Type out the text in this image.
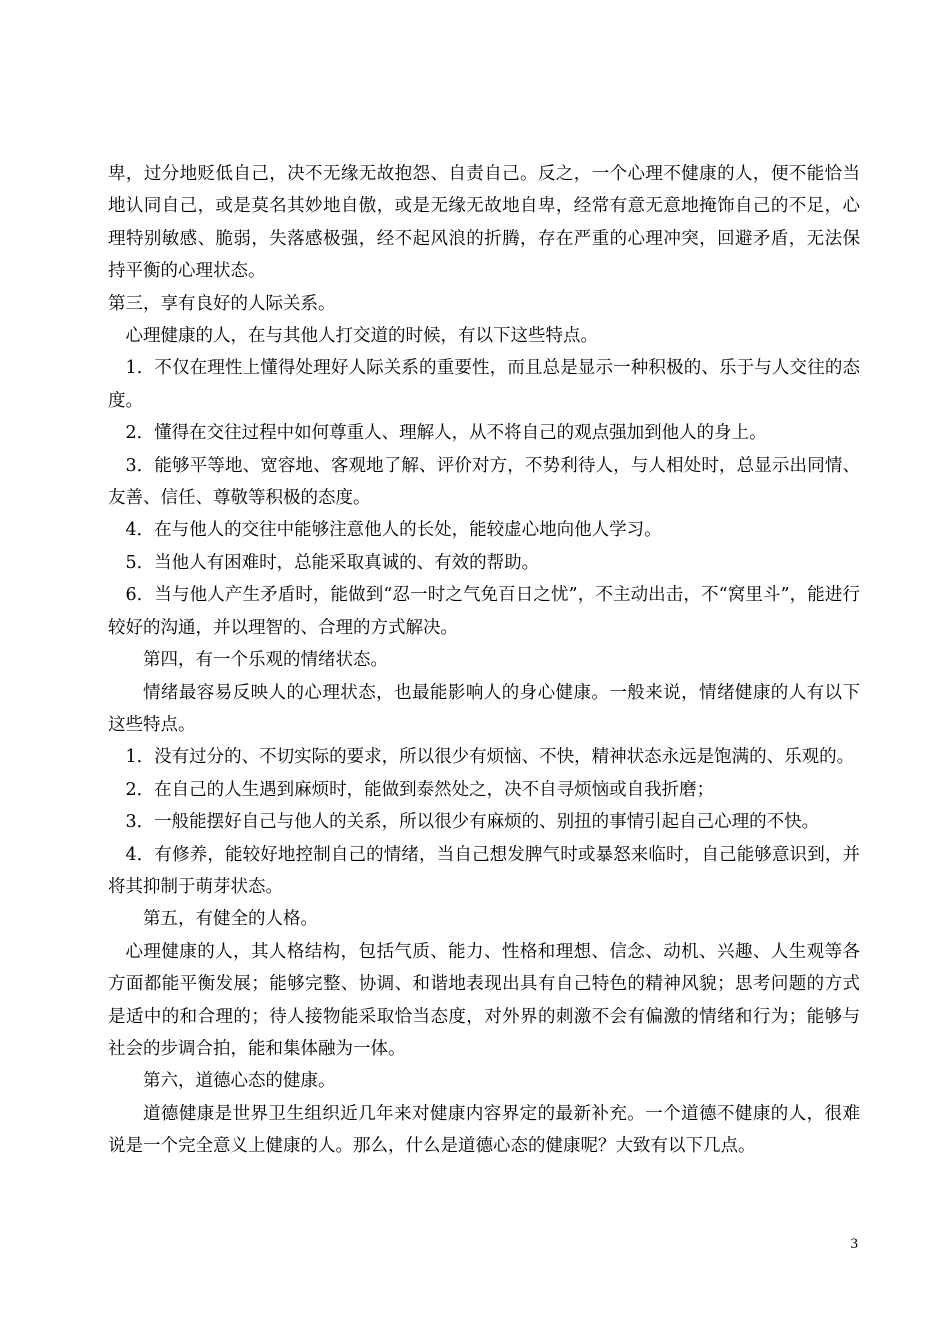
卑，过分地贬低自己，决不无缘无故抱怨、自责自己。反之，一个心理不健康的人，便不能恰当地认同自己，或是莫名其妙地自傲，或是无缘无故地自卑，经常有意无意地掩饰自己的不足，心理特别敏感、脆弱，失落感极强，经不起风浪的折腾，存在严重的心理冲突，回避矛盾，无法保持平衡的心理状态。

第三，享有良好的人际关系。

心理健康的人，在与其他人打交道的时候，有以下这些特点。

1．不仅在理性上懂得处理好人际关系的重要性，而且总是显示一种积极的、乐于与人交往的态度。

2．懂得在交往过程中如何尊重人、理解人，从不将自己的观点强加到他人的身上。

3．能够平等地、宽容地、客观地了解、评价对方，不势利待人，与人相处时，总显示出同情、友善、信任、尊敬等积极的态度。

4．在与他人的交往中能够注意他人的长处，能较虚心地向他人学习。

5．当他人有困难时，总能采取真诚的、有效的帮助。

6．当与他人产生矛盾时，能做到“忍一时之气免百日之忧”，不主动出击，不“窝里斗”，能进行较好的沟通，并以理智的、合理的方式解决。

第四，有一个乐观的情绪状态。

情绪最容易反映人的心理状态，也最能影响人的身心健康。一般来说，情绪健康的人有以下这些特点。

1．没有过分的、不切实际的要求，所以很少有烦恼、不快，精神状态永远是饱满的、乐观的。

2．在自己的人生遇到麻烦时，能做到泰然处之，决不自寻烦恼或自我折磨；

3．一般能摆好自己与他人的关系，所以很少有麻烦的、别扭的事情引起自己心理的不快。

4．有修养，能较好地控制自己的情绪，当自己想发脾气时或暴怒来临时，自己能够意识到，并将其抑制于萌芽状态。

第五，有健全的人格。

心理健康的人，其人格结构，包括气质、能力、性格和理想、信念、动机、兴趣、人生观等各方面都能平衡发展；能够完整、协调、和谐地表现出具有自己特色的精神风貌；思考问题的方式是适中的和合理的；待人接物能采取恰当态度，对外界的刺激不会有偏激的情绪和行为；能够与社会的步调合拍，能和集体融为一体。

第六，道德心态的健康。

道德健康是世界卫生组织近几年来对健康内容界定的最新补充。一个道德不健康的人，很难说是一个完全意义上健康的人。那么，什么是道德心态的健康呢？大致有以下几点。

3
